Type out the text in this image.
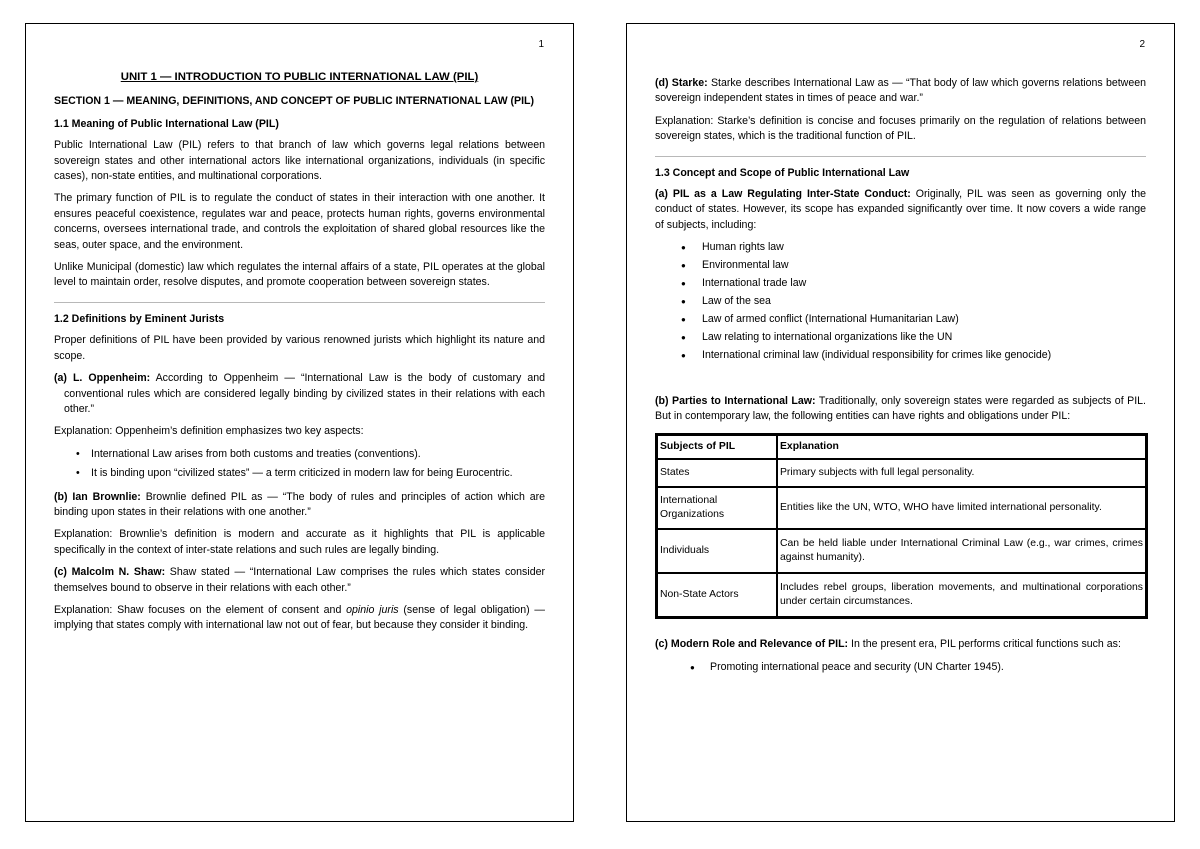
1
UNIT 1 — INTRODUCTION TO PUBLIC INTERNATIONAL LAW (PIL)
SECTION 1 — MEANING, DEFINITIONS, AND CONCEPT OF PUBLIC INTERNATIONAL LAW (PIL)
1.1 Meaning of Public International Law (PIL)

Public International Law (PIL) refers to that branch of law which governs legal relations between sovereign states and other international actors like international organizations, individuals (in specific cases), non-state entities, and multinational corporations.

The primary function of PIL is to regulate the conduct of states in their interaction with one another. It ensures peaceful coexistence, regulates war and peace, protects human rights, governs environmental concerns, oversees international trade, and controls the exploitation of shared global resources like the seas, outer space, and the environment.

Unlike Municipal (domestic) law which regulates the internal affairs of a state, PIL operates at the global level to maintain order, resolve disputes, and promote cooperation between sovereign states.

1.2 Definitions by Eminent Jurists

Proper definitions of PIL have been provided by various renowned jurists which highlight its nature and scope.

(a) L. Oppenheim: According to Oppenheim — “International Law is the body of customary and conventional rules which are considered legally binding by civilized states in their relations with each other.”

Explanation: Oppenheim’s definition emphasizes two key aspects:

• International Law arises from both customs and treaties (conventions).
• It is binding upon “civilized states” — a term criticized in modern law for being Eurocentric.

(b) Ian Brownlie: Brownlie defined PIL as — “The body of rules and principles of action which are binding upon states in their relations with one another.”

Explanation: Brownlie’s definition is modern and accurate as it highlights that PIL is applicable specifically in the context of inter-state relations and such rules are legally binding.

(c) Malcolm N. Shaw: Shaw stated — “International Law comprises the rules which states consider themselves bound to observe in their relations with each other.”

Explanation: Shaw focuses on the element of consent and opinio juris (sense of legal obligation) — implying that states comply with international law not out of fear, but because they consider it binding.

2

(d) Starke: Starke describes International Law as — “That body of law which governs relations between sovereign independent states in times of peace and war.”

Explanation: Starke’s definition is concise and focuses primarily on the regulation of relations between sovereign states, which is the traditional function of PIL.

1.3 Concept and Scope of Public International Law

(a) PIL as a Law Regulating Inter-State Conduct: Originally, PIL was seen as governing only the conduct of states. However, its scope has expanded significantly over time. It now covers a wide range of subjects, including:

● Human rights law
● Environmental law
● International trade law
● Law of the sea
● Law of armed conflict (International Humanitarian Law)
● Law relating to international organizations like the UN
● International criminal law (individual responsibility for crimes like genocide)

(b) Parties to International Law: Traditionally, only sovereign states were regarded as subjects of PIL. But in contemporary law, the following entities can have rights and obligations under PIL:

Subjects of PIL	Explanation
States	Primary subjects with full legal personality.
International Organizations	Entities like the UN, WTO, WHO have limited international personality.
Individuals	Can be held liable under International Criminal Law (e.g., war crimes, crimes against humanity).
Non-State Actors	Includes rebel groups, liberation movements, and multinational corporations under certain circumstances.

(c) Modern Role and Relevance of PIL: In the present era, PIL performs critical functions such as:

● Promoting international peace and security (UN Charter 1945).
